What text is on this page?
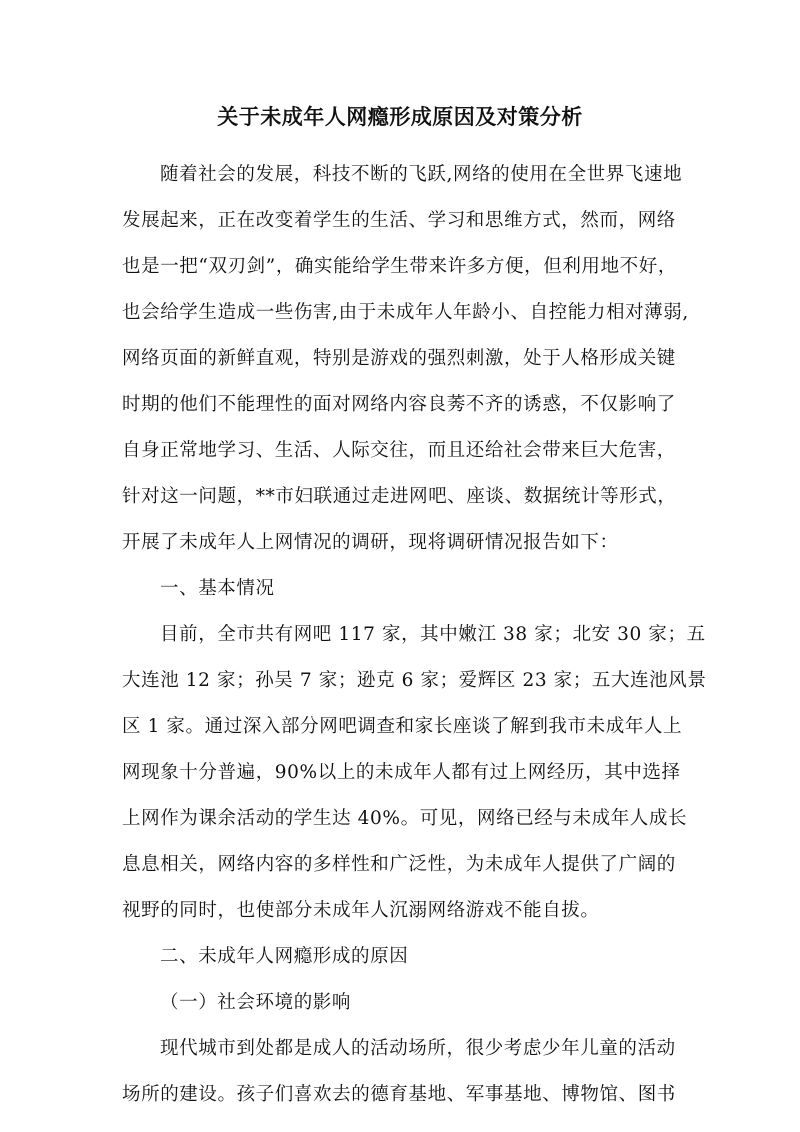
关于未成年人网瘾形成原因及对策分析

随着社会的发展，科技不断的飞跃,网络的使用在全世界飞速地

发展起来，正在改变着学生的生活、学习和思维方式，然而，网络

也是一把“双刃剑”，确实能给学生带来许多方便，但利用地不好，

也会给学生造成一些伤害,由于未成年人年龄小、自控能力相对薄弱,

网络页面的新鲜直观，特别是游戏的强烈刺激，处于人格形成关键

时期的他们不能理性的面对网络内容良莠不齐的诱惑，不仅影响了

自身正常地学习、生活、人际交往，而且还给社会带来巨大危害，

针对这一问题，**市妇联通过走进网吧、座谈、数据统计等形式，

开展了未成年人上网情况的调研，现将调研情况报告如下：

一、基本情况

目前，全市共有网吧 117 家，其中嫩江 38 家；北安 30 家；五

大连池 12 家；孙吴 7 家；逊克 6 家；爱辉区 23 家；五大连池风景

区 1 家。通过深入部分网吧调查和家长座谈了解到我市未成年人上

网现象十分普遍，90%以上的未成年人都有过上网经历，其中选择

上网作为课余活动的学生达 40%。可见，网络已经与未成年人成长

息息相关，网络内容的多样性和广泛性，为未成年人提供了广阔的

视野的同时，也使部分未成年人沉溺网络游戏不能自拔。

二、未成年人网瘾形成的原因

（一）社会环境的影响

现代城市到处都是成人的活动场所，很少考虑少年儿童的活动

场所的建设。孩子们喜欢去的德育基地、军事基地、博物馆、图书
